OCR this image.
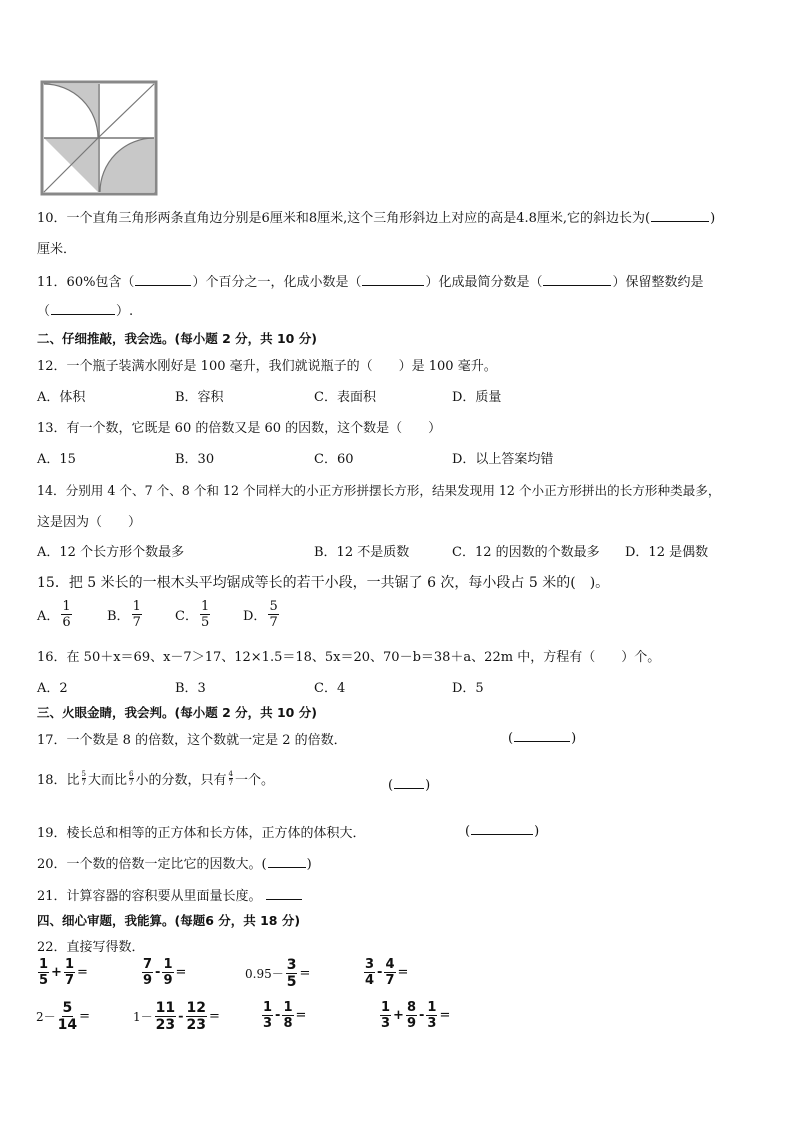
10．一个直角三角形两条直角边分别是6厘米和8厘米,这个三角形斜边上对应的高是4.8厘米,它的斜边长为(	)
厘米．
11．60%包含（	）个百分之一，化成小数是（	）化成最简分数是（	）保留整数约是
（	）.
二、仔细推敲，我会选。(每小题 2 分，共 10 分)
12．一个瓶子装满水刚好是 100 毫升，我们就说瓶子的（　　）是 100 毫升。
A．体积	B．容积	C．表面积	D．质量
13．有一个数，它既是 60 的倍数又是 60 的因数，这个数是（　　）
A．15	B．30	C．60	D．以上答案均错
14．分别用 4 个、7 个、8 个和 12 个同样大的小正方形拼摆长方形，结果发现用 12 个小正方形拼出的长方形种类最多，
这是因为（　　）
A．12 个长方形个数最多	B．12 不是质数	C．12 的因数的个数最多 D．12 是偶数
15．把 5 米长的一根木头平均锯成等长的若干小段，一共锯了 6 次，每小段占 5 米的(　)。
A． $\frac{1}{6}$	B． $\frac{1}{7}$	C． $\frac{1}{5}$	D． $\frac{5}{7}$
16．在 50＋x＝69、x－7＞17、12×1.5＝18、5x＝20、70－b＝38＋a、22m 中，方程有（　　）个。
A．2	B．3	C．4	D．5
三、火眼金睛，我会判。(每小题 2 分，共 10 分)
17．一个数是 8 的倍数，这个数就一定是 2 的倍数．	(	)
18．比 $\frac{5}{7}$ 大而比 $\frac{6}{7}$ 小的分数，只有 $\frac{4}{7}$ 一个。	( )
19．棱长总和相等的正方体和长方体，正方体的体积大．	(	)
20．一个数的倍数一定比它的因数大。(	)
21．计算容器的容积要从里面量长度。
四、细心审题，我能算。(每题6 分，共 18 分)
22．直接写得数．
$\frac{1}{5} + \frac{1}{7}$ =	$\frac{7}{9} - \frac{1}{9}$ =	$0.95- \frac{3}{5}$ =	$\frac{3}{4} - \frac{4}{7}$ =
$2- \frac{5}{14}$ =	$1- \frac{11}{23} - \frac{12}{23}$ =	$\frac{1}{3} - \frac{1}{8}$ =	$\frac{1}{3} + \frac{8}{9} - \frac{1}{3}$ =
